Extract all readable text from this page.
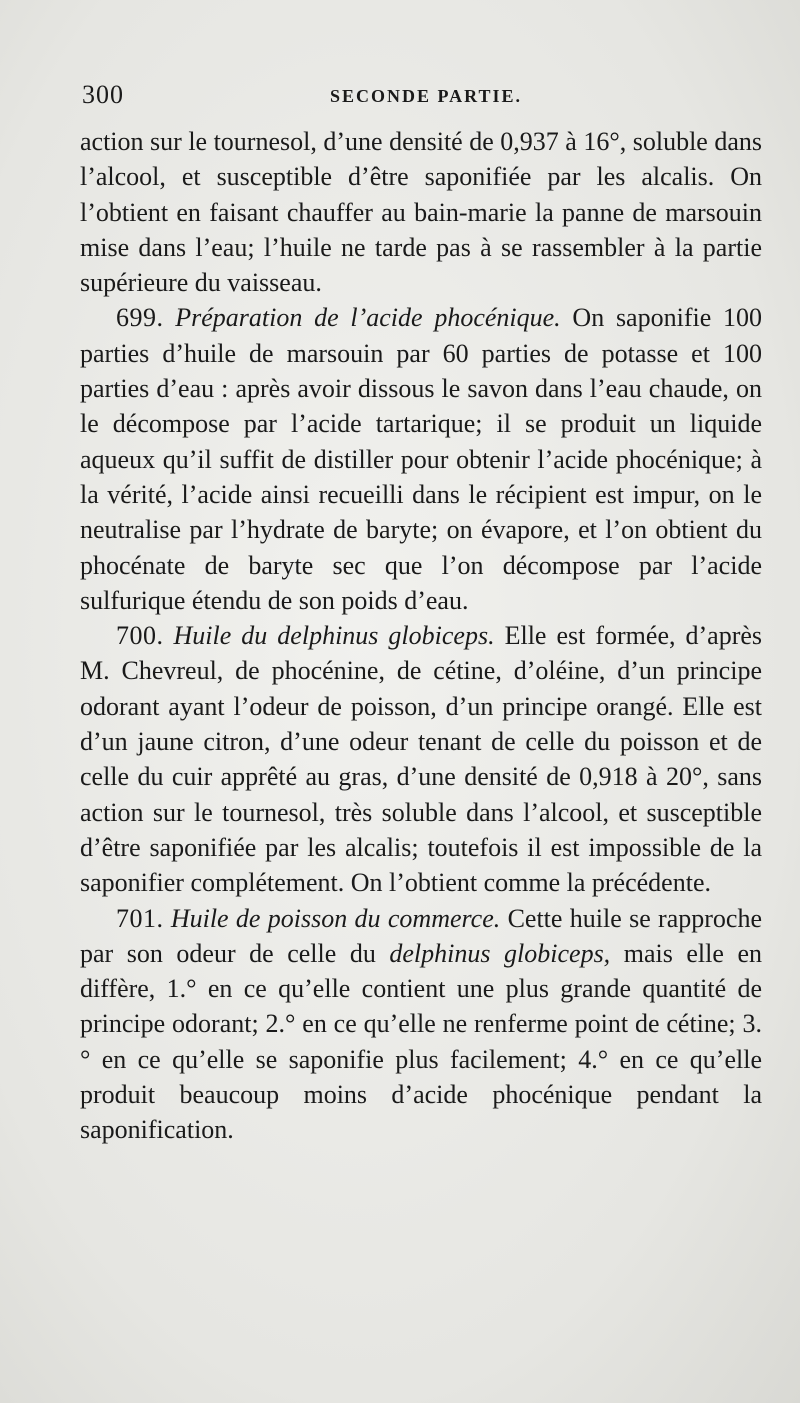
300	SECONDE PARTIE.

action sur le tournesol, d’une densité de 0,937 à 16°, soluble dans l’alcool, et susceptible d’être saponifiée par les alcalis. On l’obtient en faisant chauffer au bain-marie la panne de marsouin mise dans l’eau; l’huile ne tarde pas à se rassembler à la partie supérieure du vaisseau.

699. Préparation de l’acide phocénique. On saponifie 100 parties d’huile de marsouin par 60 parties de potasse et 100 parties d’eau : après avoir dissous le savon dans l’eau chaude, on le décompose par l’acide tartarique; il se produit un liquide aqueux qu’il suffit de distiller pour obtenir l’acide phocénique; à la vérité, l’acide ainsi recueilli dans le récipient est impur, on le neutralise par l’hydrate de baryte; on évapore, et l’on obtient du phocénate de baryte sec que l’on décompose par l’acide sulfurique étendu de son poids d’eau.

700. Huile du delphinus globiceps. Elle est formée, d’après M. Chevreul, de phocénine, de cétine, d’oléine, d’un principe odorant ayant l’odeur de poisson, d’un principe orangé. Elle est d’un jaune citron, d’une odeur tenant de celle du poisson et de celle du cuir apprêté au gras, d’une densité de 0,918 à 20°, sans action sur le tournesol, très soluble dans l’alcool, et susceptible d’être saponifiée par les alcalis; toutefois il est impossible de la saponifier complétement. On l’obtient comme la précédente.

701. Huile de poisson du commerce. Cette huile se rapproche par son odeur de celle du delphinus globiceps, mais elle en diffère, 1.° en ce qu’elle contient une plus grande quantité de principe odorant; 2.° en ce qu’elle ne renferme point de cétine; 3.° en ce qu’elle se saponifie plus facilement; 4.° en ce qu’elle produit beaucoup moins d’acide phocénique pendant la saponification.
